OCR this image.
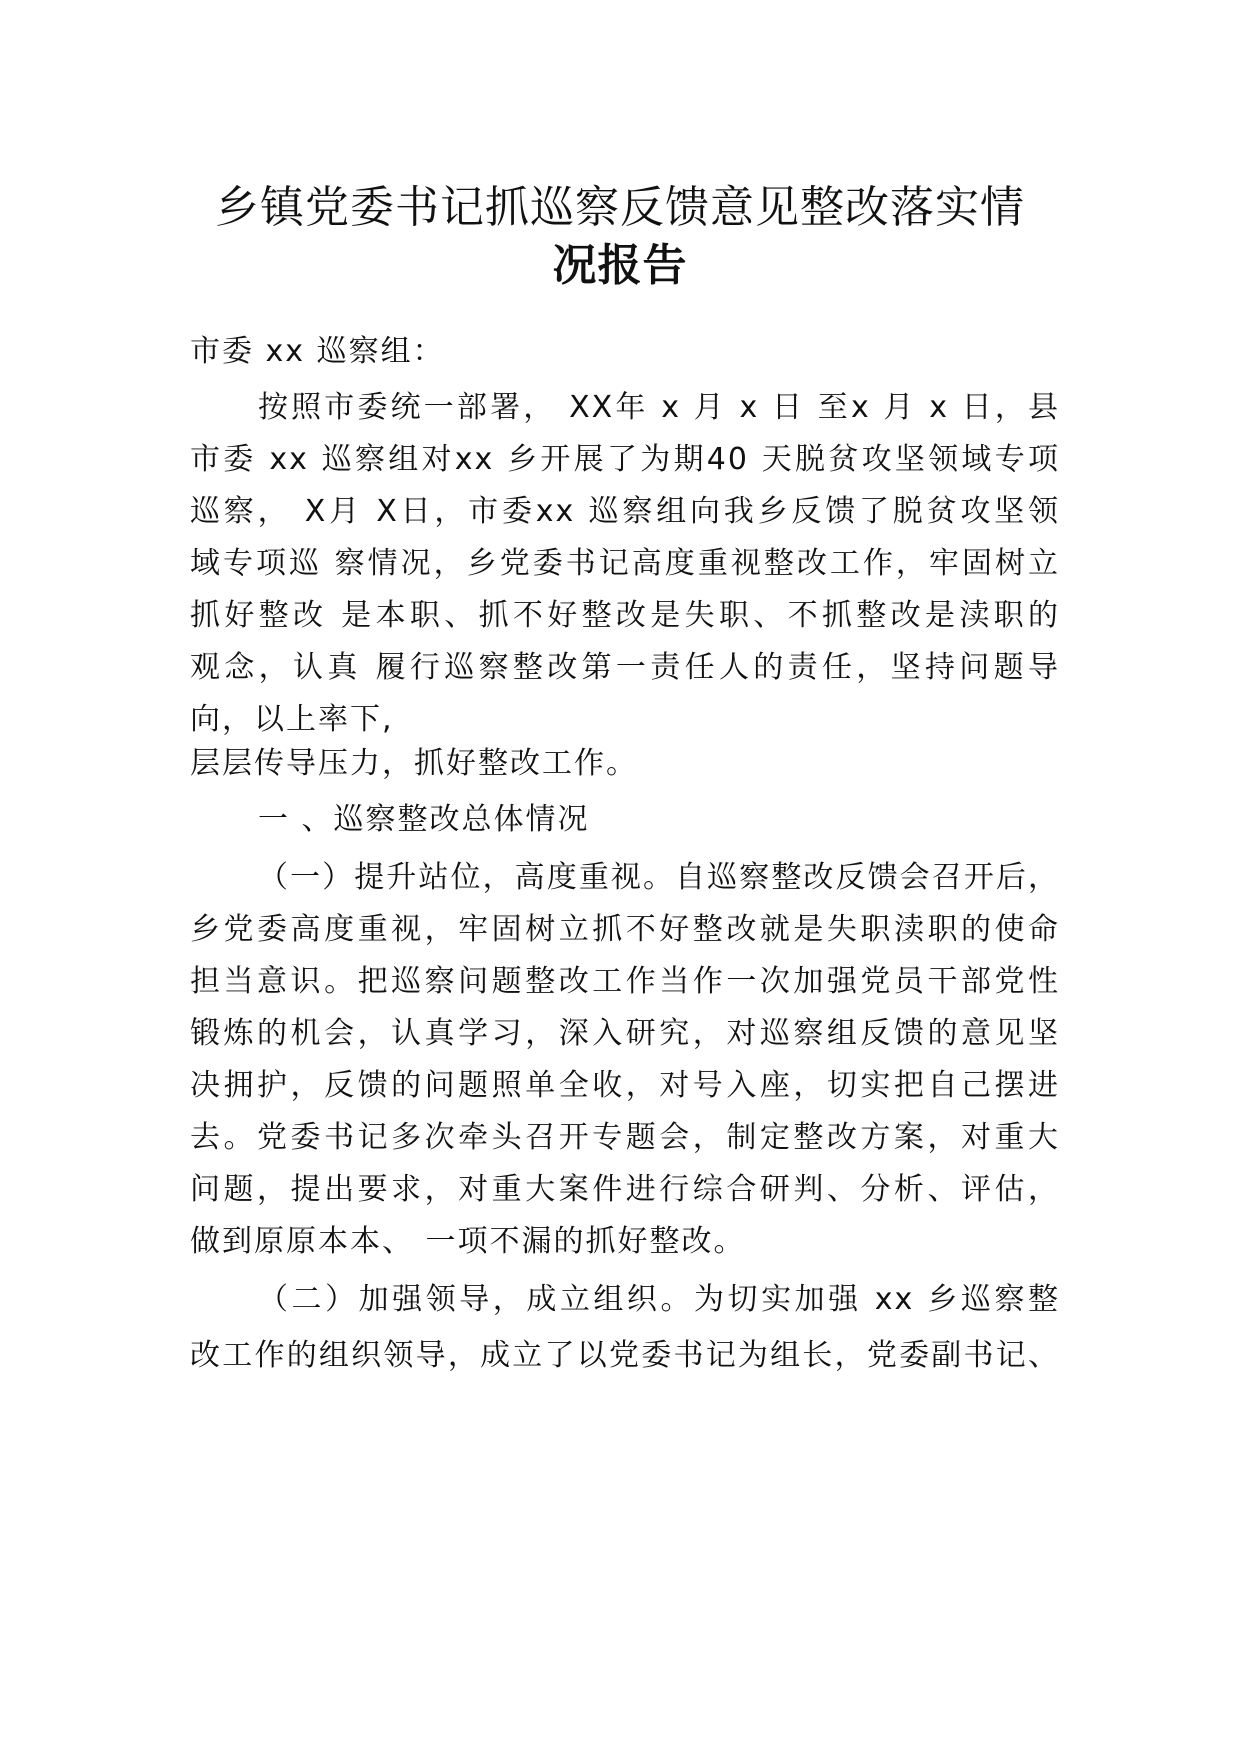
乡镇党委书记抓巡察反馈意见整改落实情
况报告
市委 xx 巡察组：
按照市委统一部署， XX年 x 月 x 日 至x 月 x 日，县
市委 xx 巡察组对xx 乡开展了为期40 天脱贫攻坚领域专项
巡察， X月 X日，市委xx 巡察组向我乡反馈了脱贫攻坚领
域专项巡 察情况，乡党委书记高度重视整改工作，牢固树立
抓好整改 是本职、抓不好整改是失职、不抓整改是渎职的
观念，认真 履行巡察整改第一责任人的责任，坚持问题导
向，以上率下,
层层传导压力，抓好整改工作。
一 、巡察整改总体情况
（一）提升站位，高度重视。自巡察整改反馈会召开后，
乡党委高度重视，牢固树立抓不好整改就是失职渎职的使命
担当意识。把巡察问题整改工作当作一次加强党员干部党性
锻炼的机会，认真学习，深入研究，对巡察组反馈的意见坚
决拥护，反馈的问题照单全收，对号入座，切实把自己摆进
去。党委书记多次牵头召开专题会，制定整改方案，对重大
问题，提出要求，对重大案件进行综合研判、分析、评估，
做到原原本本、 一项不漏的抓好整改。
（二）加强领导，成立组织。为切实加强 xx 乡巡察整
改工作的组织领导，成立了以党委书记为组长，党委副书记、
